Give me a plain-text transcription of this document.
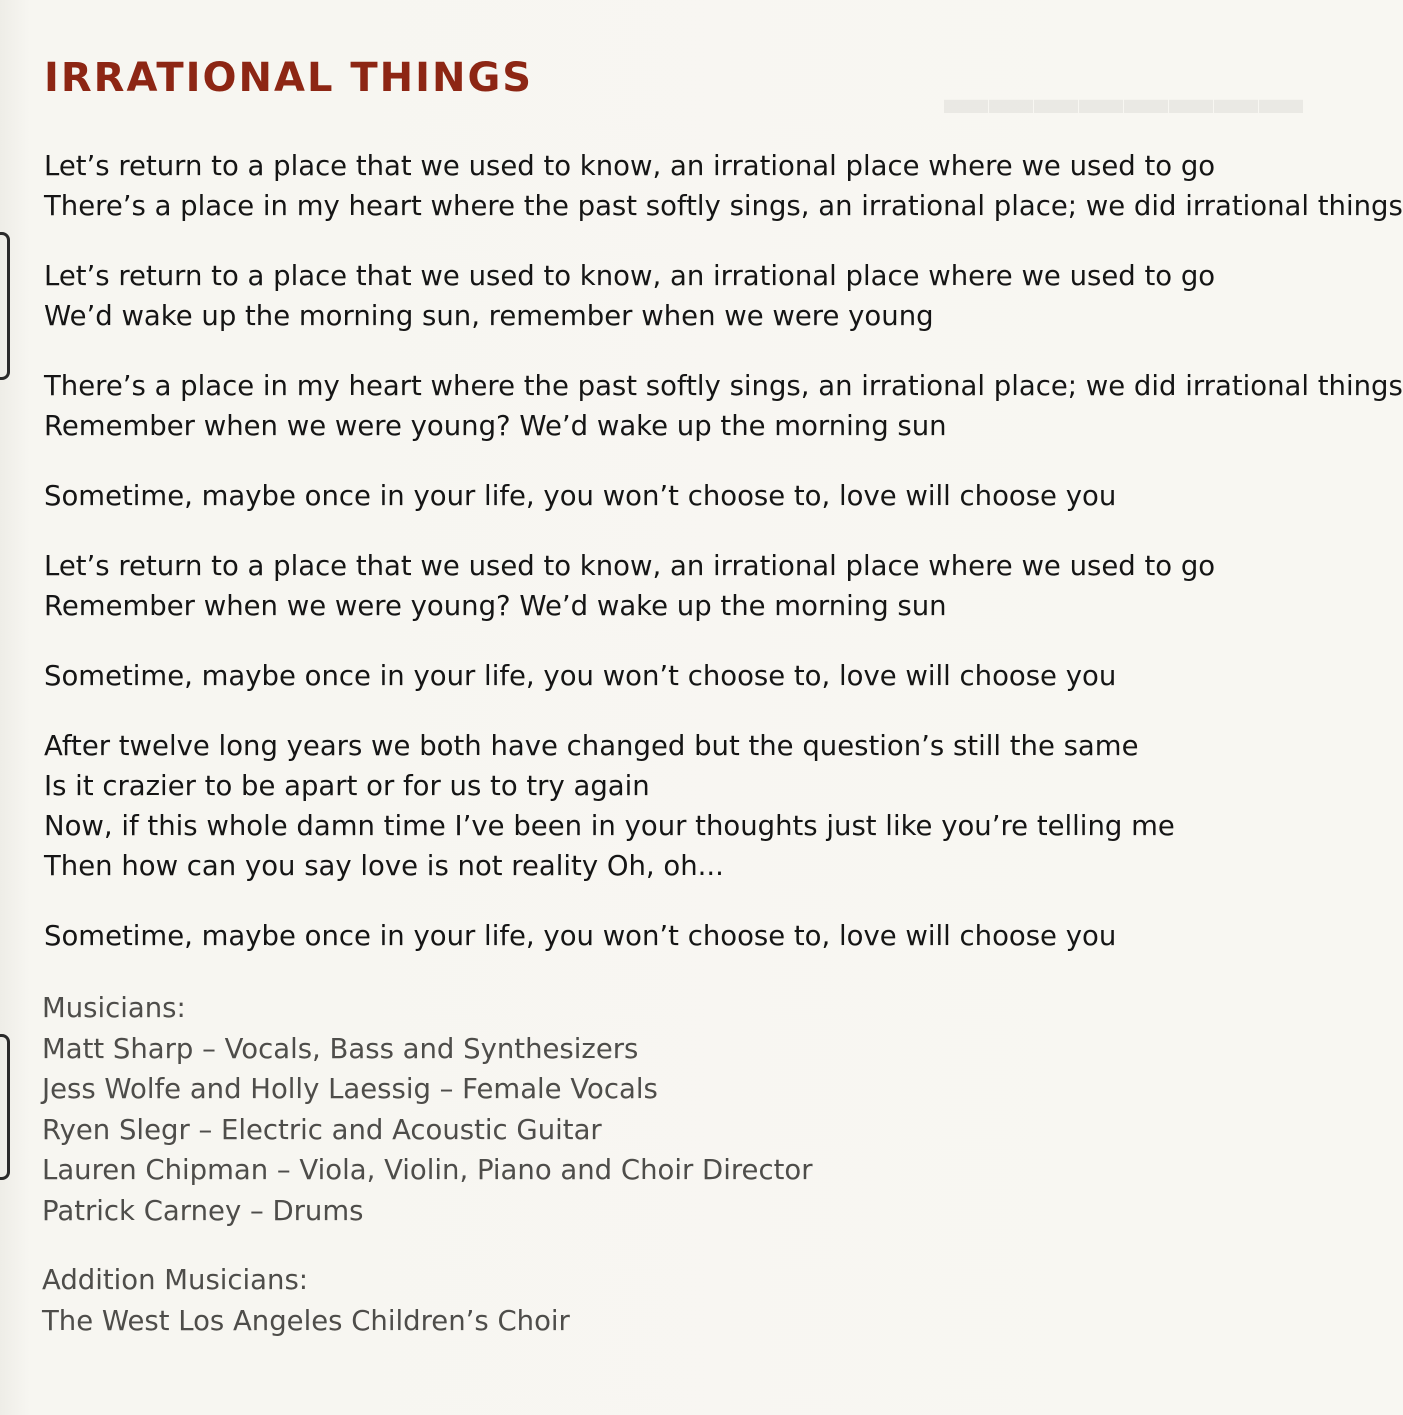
▬▬▬▬▬▬▬▬
IRRATIONAL THINGS

Let’s return to a place that we used to know, an irrational place where we used to go
There’s a place in my heart where the past softly sings, an irrational place; we did irrational things

Let’s return to a place that we used to know, an irrational place where we used to go
We’d wake up the morning sun, remember when we were young

There’s a place in my heart where the past softly sings, an irrational place; we did irrational things
Remember when we were young? We’d wake up the morning sun

Sometime, maybe once in your life, you won’t choose to, love will choose you

Let’s return to a place that we used to know, an irrational place where we used to go
Remember when we were young? We’d wake up the morning sun

Sometime, maybe once in your life, you won’t choose to, love will choose you

After twelve long years we both have changed but the question’s still the same
Is it crazier to be apart or for us to try again
Now, if this whole damn time I’ve been in your thoughts just like you’re telling me
Then how can you say love is not reality Oh, oh...

Sometime, maybe once in your life, you won’t choose to, love will choose you

Musicians:
Matt Sharp – Vocals, Bass and Synthesizers
Jess Wolfe and Holly Laessig – Female Vocals
Ryen Slegr – Electric and Acoustic Guitar
Lauren Chipman – Viola, Violin, Piano and Choir Director
Patrick Carney – Drums
Addition Musicians:
The West Los Angeles Children’s Choir
